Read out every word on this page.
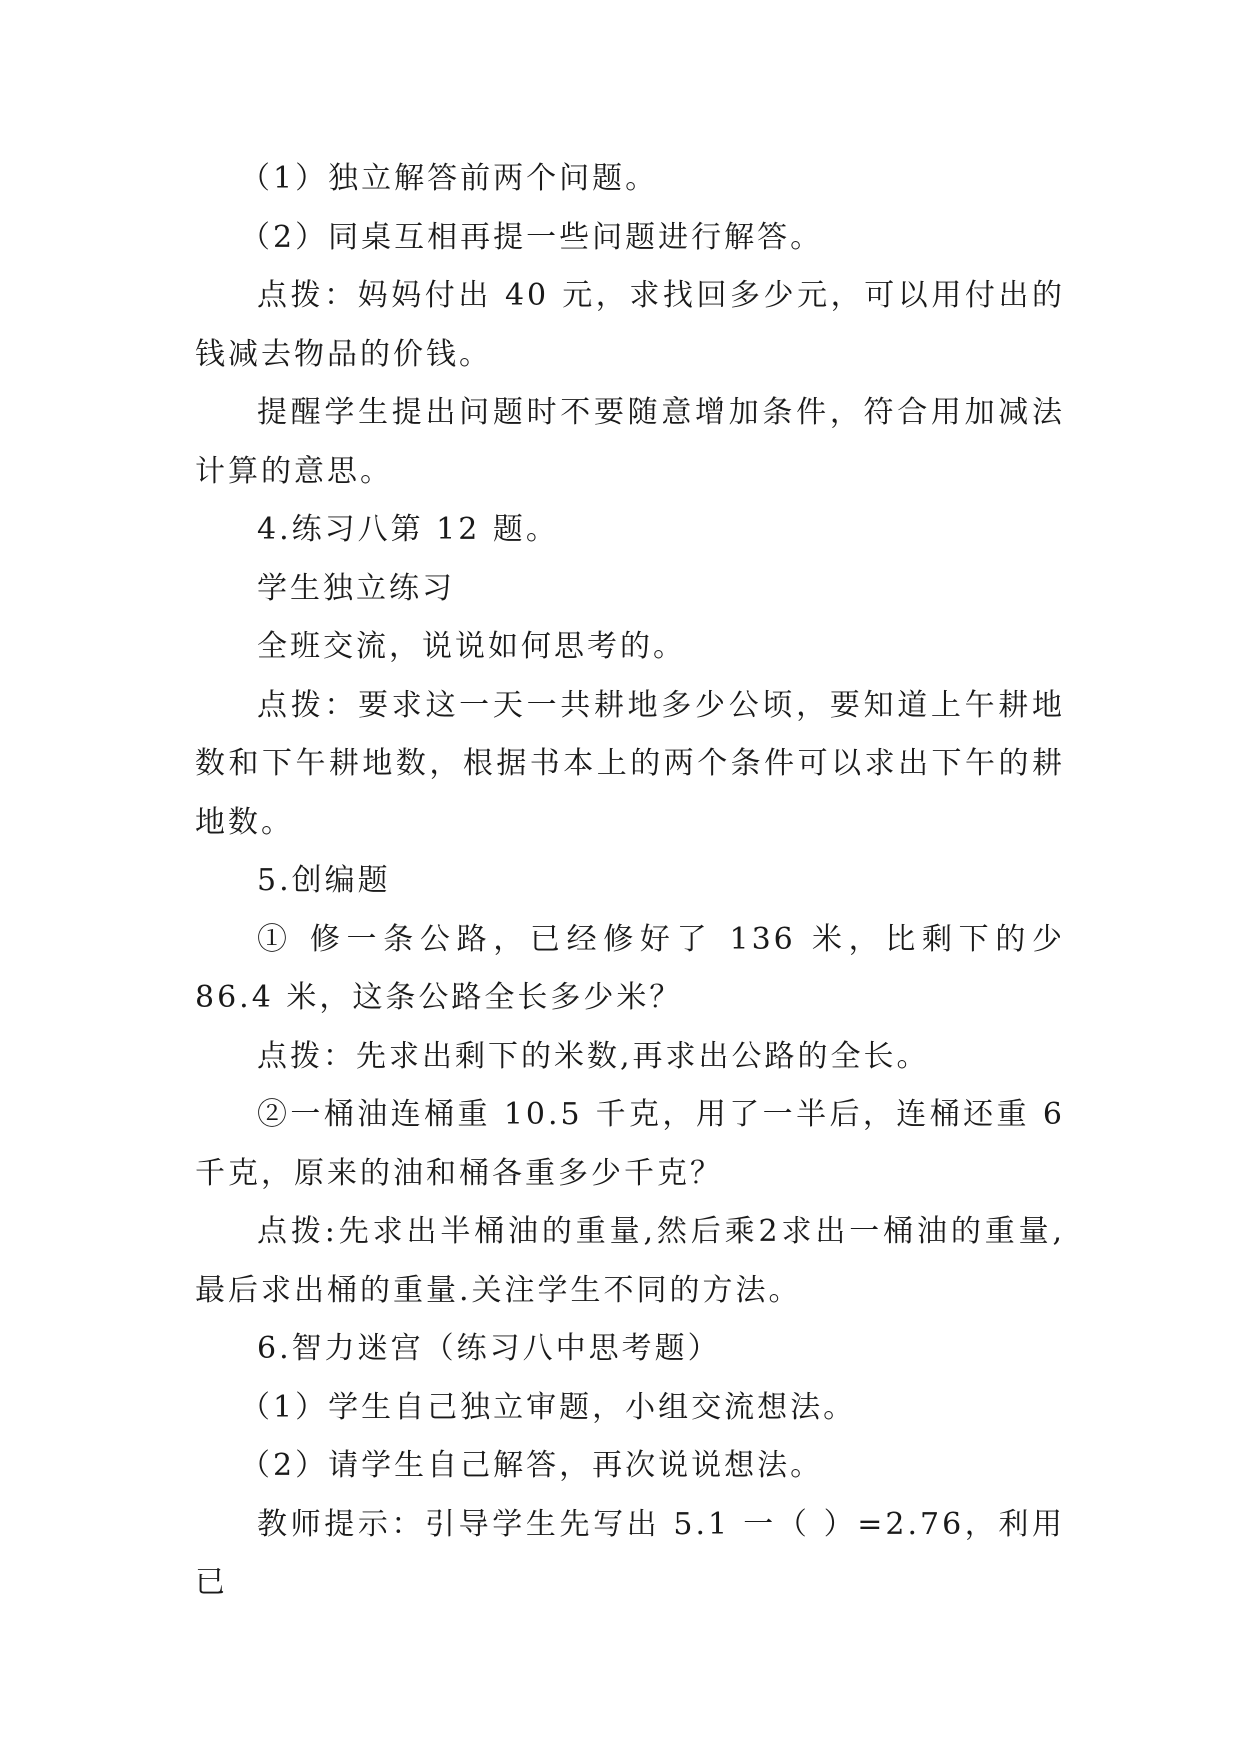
（1）独立解答前两个问题。

（2）同桌互相再提一些问题进行解答。

点拨：妈妈付出 40 元，求找回多少元，可以用付出的钱减去物品的价钱。

提醒学生提出问题时不要随意增加条件，符合用加减法计算的意思。

4.练习八第 12 题。

学生独立练习

全班交流，说说如何思考的。

点拨：要求这一天一共耕地多少公顷，要知道上午耕地数和下午耕地数，根据书本上的两个条件可以求出下午的耕地数。

5.创编题

① 修一条公路，已经修好了 136 米，比剩下的少 86.4 米，这条公路全长多少米？

点拨：先求出剩下的米数,再求出公路的全长。

②一桶油连桶重 10.5 千克，用了一半后，连桶还重 6 千克，原来的油和桶各重多少千克？

点拨:先求出半桶油的重量,然后乘2求出一桶油的重量,最后求出桶的重量.关注学生不同的方法。

6.智力迷宫（练习八中思考题）

（1）学生自己独立审题，小组交流想法。

（2）请学生自己解答，再次说说想法。

教师提示：引导学生先写出 5.1 一（ ）=2.76，利用已
